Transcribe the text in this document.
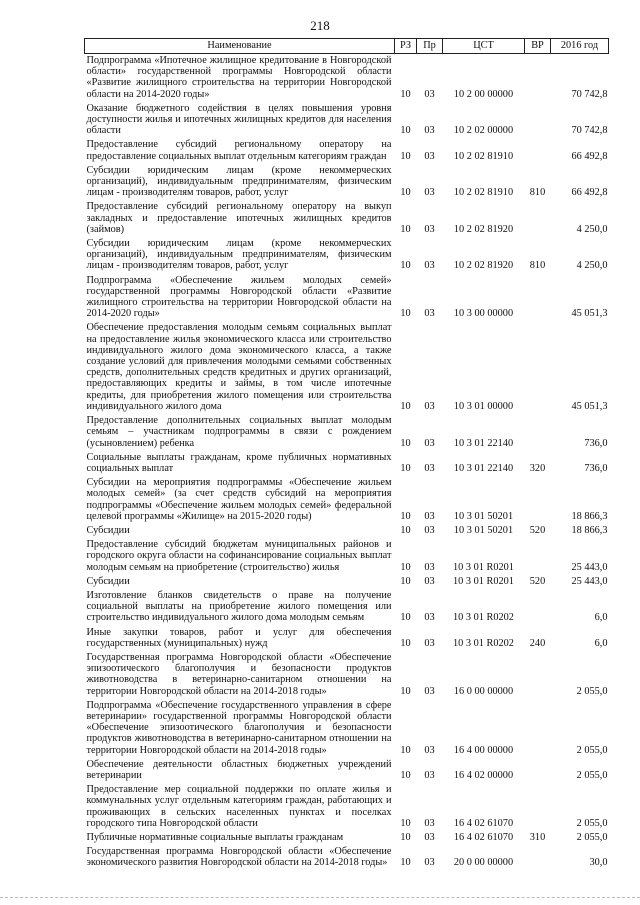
218
Наименование	РЗ	Пр	ЦСТ	ВР	2016 год
Подпрограмма «Ипотечное жилищное кредитование в Новгородской области» государственной программы Новгородской области «Развитие жилищного строительства на территории Новгородской области на 2014-2020 годы»	10	03	10 2 00 00000		70 742,8
Оказание бюджетного содействия в целях повышения уровня доступности жилья и ипотечных жилищных кредитов для населения области	10	03	10 2 02 00000		70 742,8
Предоставление субсидий региональному оператору на предоставление социальных выплат отдельным категориям граждан	10	03	10 2 02 81910		66 492,8
Субсидии юридическим лицам (кроме некоммерческих организаций), индивидуальным предпринимателям, физическим лицам - производителям товаров, работ, услуг	10	03	10 2 02 81910	810	66 492,8
Предоставление субсидий региональному оператору на выкуп закладных и предоставление ипотечных жилищных кредитов (займов)	10	03	10 2 02 81920		4 250,0
Субсидии юридическим лицам (кроме некоммерческих организаций), индивидуальным предпринимателям, физическим лицам - производителям товаров, работ, услуг	10	03	10 2 02 81920	810	4 250,0
Подпрограмма «Обеспечение жильем молодых семей» государственной программы Новгородской области «Развитие жилищного строительства на территории Новгородской области на 2014-2020 годы»	10	03	10 3 00 00000		45 051,3
Обеспечение предоставления молодым семьям социальных выплат на предоставление жилья экономического класса или строительство индивидуального жилого дома экономического класса, а также создание условий для привлечения молодыми семьями собственных средств, дополнительных средств кредитных и других организаций, предоставляющих кредиты и займы, в том числе ипотечные кредиты, для приобретения жилого помещения или строительства индивидуального жилого дома	10	03	10 3 01 00000		45 051,3
Предоставление дополнительных социальных выплат молодым семьям – участникам подпрограммы в связи с рождением (усыновлением) ребенка	10	03	10 3 01 22140		736,0
Социальные выплаты гражданам, кроме публичных нормативных социальных выплат	10	03	10 3 01 22140	320	736,0
Субсидии на мероприятия подпрограммы «Обеспечение жильем молодых семей» (за счет средств субсидий на мероприятия подпрограммы «Обеспечение жильем молодых семей» федеральной целевой программы «Жилище» на 2015-2020 годы)	10	03	10 3 01 50201		18 866,3
Субсидии	10	03	10 3 01 50201	520	18 866,3
Предоставление субсидий бюджетам муниципальных районов и городского округа области на софинансирование социальных выплат молодым семьям на приобретение (строительство) жилья	10	03	10 3 01 R0201		25 443,0
Субсидии	10	03	10 3 01 R0201	520	25 443,0
Изготовление бланков свидетельств о праве на получение социальной выплаты на приобретение жилого помещения или строительство индивидуального жилого дома молодым семьям	10	03	10 3 01 R0202		6,0
Иные закупки товаров, работ и услуг для обеспечения государственных (муниципальных) нужд	10	03	10 3 01 R0202	240	6,0
Государственная программа Новгородской области «Обеспечение эпизоотического благополучия и безопасности продуктов животноводства в ветеринарно-санитарном отношении на территории Новгородской области на 2014-2018 годы»	10	03	16 0 00 00000		2 055,0
Подпрограмма «Обеспечение государственного управления в сфере ветеринарии» государственной программы Новгородской области «Обеспечение эпизоотического благополучия и безопасности продуктов животноводства в ветеринарно-санитарном отношении на территории Новгородской области на 2014-2018 годы»	10	03	16 4 00 00000		2 055,0
Обеспечение деятельности областных бюджетных учреждений ветеринарии	10	03	16 4 02 00000		2 055,0
Предоставление мер социальной поддержки по оплате жилья и коммунальных услуг отдельным категориям граждан, работающих и проживающих в сельских населенных пунктах и поселках городского типа Новгородской области	10	03	16 4 02 61070		2 055,0
Публичные нормативные социальные выплаты гражданам	10	03	16 4 02 61070	310	2 055,0
Государственная программа Новгородской области «Обеспечение экономического развития Новгородской области на 2014-2018 годы»	10	03	20 0 00 00000		30,0
